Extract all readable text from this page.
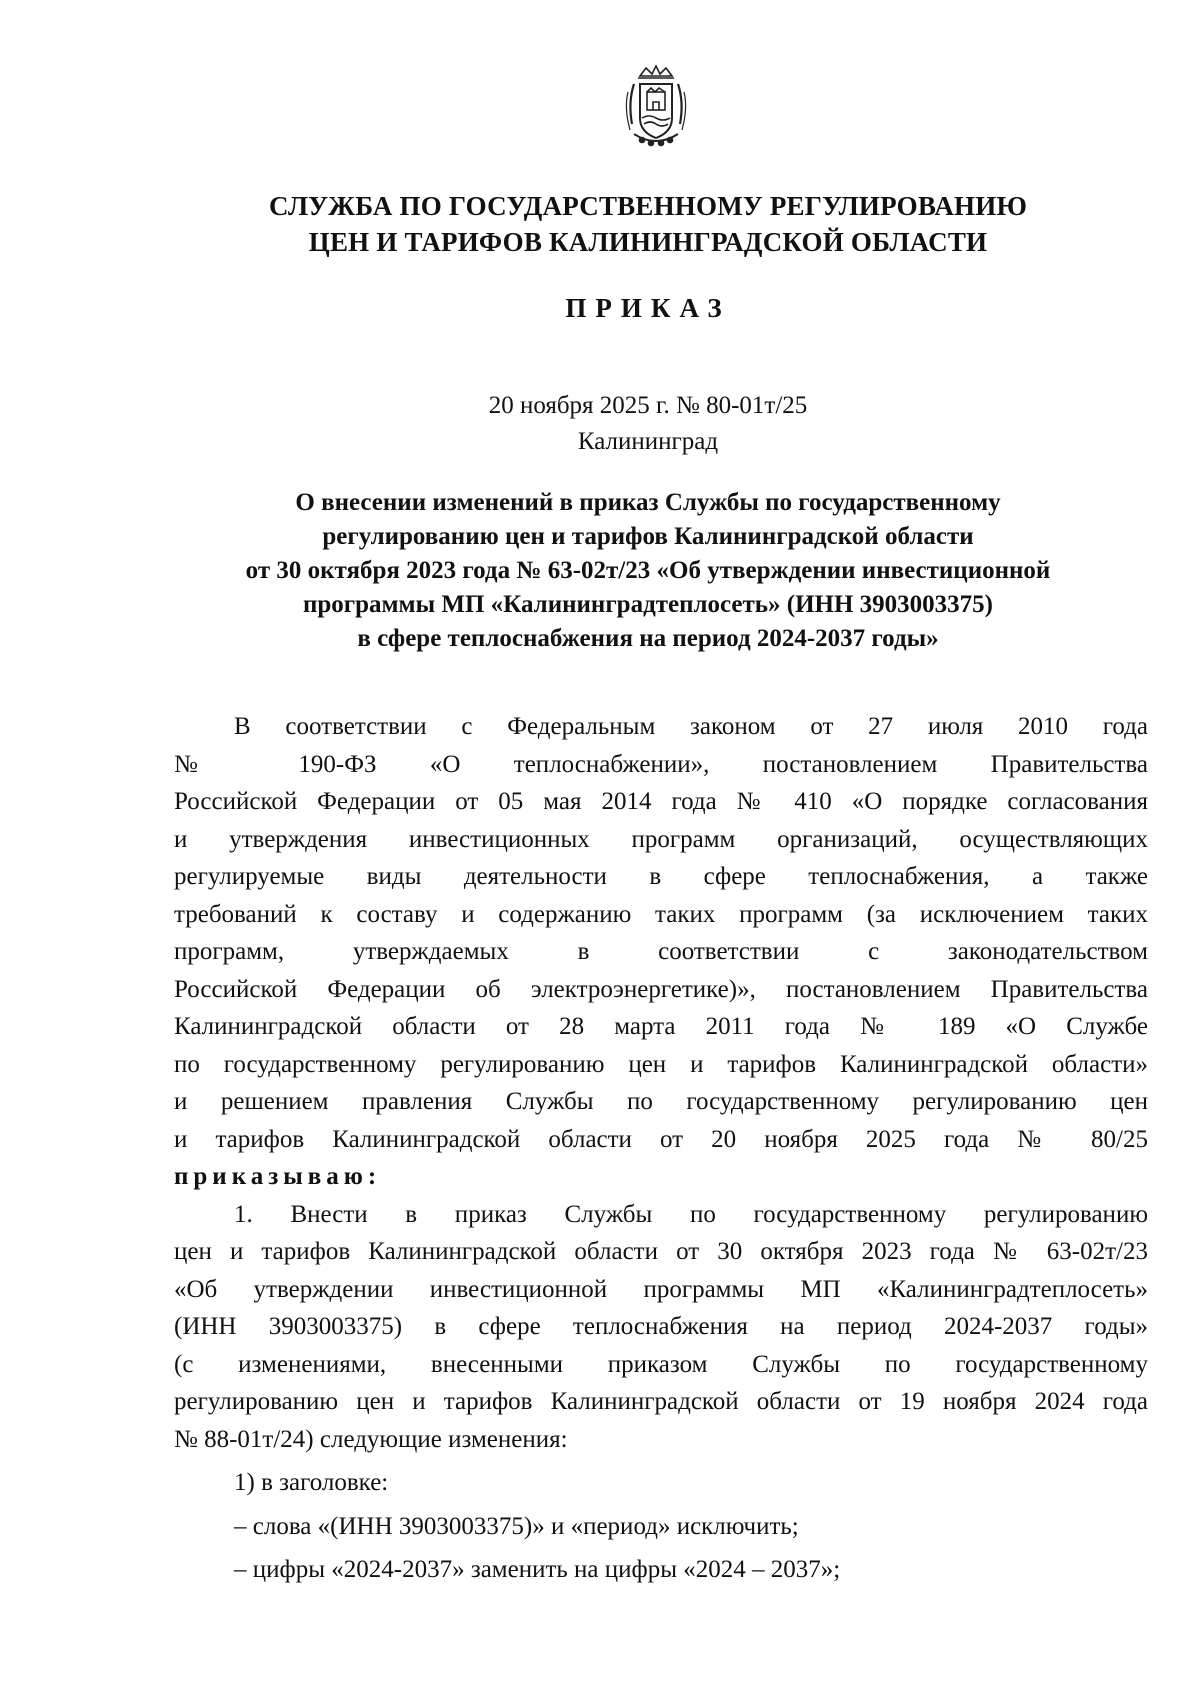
СЛУЖБА ПО ГОСУДАРСТВЕННОМУ РЕГУЛИРОВАНИЮ
ЦЕН И ТАРИФОВ КАЛИНИНГРАДСКОЙ ОБЛАСТИ
ПРИКАЗ
20 ноября 2025 г. № 80-01т/25
Калининград
О внесении изменений в приказ Службы по государственному
регулированию цен и тарифов Калининградской области
от 30 октября 2023 года № 63-02т/23 «Об утверждении инвестиционной
программы МП «Калининградтеплосеть» (ИНН 3903003375)
в сфере теплоснабжения на период 2024-2037 годы»
В соответствии с Федеральным законом от 27 июля 2010 года
№ 190-ФЗ «О теплоснабжении», постановлением Правительства
Российской Федерации от 05 мая 2014 года № 410 «О порядке согласования
и утверждения инвестиционных программ организаций, осуществляющих
регулируемые виды деятельности в сфере теплоснабжения, а также
требований к составу и содержанию таких программ (за исключением таких
программ, утверждаемых в соответствии с законодательством
Российской Федерации об электроэнергетике)», постановлением Правительства
Калининградской области от 28 марта 2011 года № 189 «О Службе
по государственному регулированию цен и тарифов Калининградской области»
и решением правления Службы по государственному регулированию цен
и тарифов Калининградской области от 20 ноября 2025 года № 80/25
приказываю:
1. Внести в приказ Службы по государственному регулированию
цен и тарифов Калининградской области от 30 октября 2023 года № 63-02т/23
«Об утверждении инвестиционной программы МП «Калининградтеплосеть»
(ИНН 3903003375) в сфере теплоснабжения на период 2024-2037 годы»
(с изменениями, внесенными приказом Службы по государственному
регулированию цен и тарифов Калининградской области от 19 ноября 2024 года
№ 88-01т/24) следующие изменения:
1) в заголовке:
– слова «(ИНН 3903003375)» и «период» исключить;
– цифры «2024-2037» заменить на цифры «2024 – 2037»;
